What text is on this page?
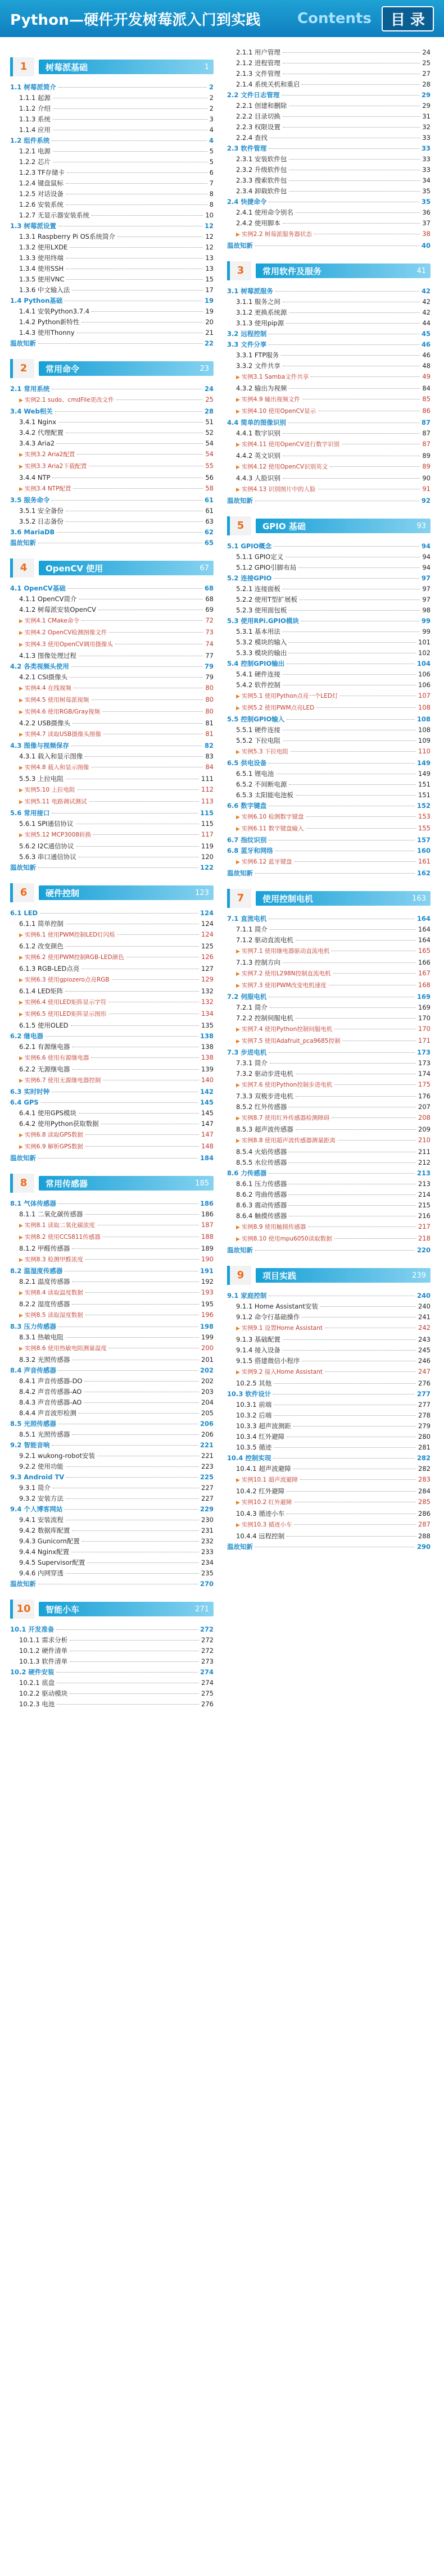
Python—硬件开发树莓派入门到实践	Contents	目 录
1 树莓派基础	1
1.1 树莓派简介	2
1.1.1 起源	2
1.1.2 介绍	2
1.1.3 系统	3
1.1.4 应用	4
1.2 组件系统	4
1.2.1 电源	5
1.2.2 芯片	5
1.2.3 TF存储卡	6
1.2.4 键盘鼠标	7
1.2.5 对话设备	8
1.2.6 安装系统	8
1.2.7 无显示器安装系统	10
1.3 树莓派设置	12
1.3.1 Raspberry Pi OS系统简介	12
1.3.2 使用LXDE	12
1.3.3 使用终端	13
1.3.4 使用SSH	13
1.3.5 使用VNC	15
1.3.6 中文输入法	17
1.4 Python基础	19
1.4.1 安装Python3.7.4	19
1.4.2 Python新特性	20
1.4.3 使用Thonny	21
温故知新	22
2 常用命令	23
2.1 常用系统	24
▶ 实例2.1 sudo、cmdFile更改文件	25
3.4 Web相关	28
3.4.1 Nginx	51
3.4.2 代理配置	52
3.4.3 Aria2	54
▶ 实例3.2 Aria2配置	54
▶ 实例3.3 Aria2下载配置	55
3.4.4 NTP	56
▶ 实例3.4 NTP配置	58
3.5 服务命令	61
3.5.1 安全备份	61
3.5.2 日志备份	63
3.6 MariaDB	62
温故知新	65
4 OpenCV 使用	67
4.1 OpenCV基础	68
4.1.1 OpenCV简介	68
4.1.2 树莓派安装OpenCV	69
▶ 实例4.1 CMake命令	72
▶ 实例4.2 OpenCV检测图像文件	73
▶ 实例4.3 使用OpenCV调用摄像头	74
4.1.3 图像处理过程	77
4.2 各类视频头使用	79
4.2.1 CSI摄像头	79
▶ 实例4.4 在线视频	80
▶ 实例4.5 使用树莓派视频	80
▶ 实例4.6 使用RGB/Gray视频	80
4.2.2 USB摄像头	81
▶ 实例4.7 读取USB摄像头图像	81
4.3 图像与视频保存	82
4.3.1 载入和显示图像	83
▶ 实例4.8 载入和显示图像	84
5.5.3 上拉电阻	111
▶ 实例5.10 上拉电阻	112
▶ 实例5.11 电路调试测试	113
5.6 常用接口	115
5.6.1 SPI通信协议	115
▶ 实例5.12 MCP3008转换	117
5.6.2 I2C通信协议	119
5.6.3 串口通信协议	120
温故知新	122
6 硬件控制	123
6.1 LED	124
6.1.1 简单控制	124
▶ 实例6.1 使用PWM控制LED灯闪烁	124
6.1.2 改变颜色	125
▶ 实例6.2 使用PWM控制RGB-LED颜色	126
6.1.3 RGB-LED点亮	127
▶ 实例6.3 使用gpiozero点亮RGB	129
6.1.4 LED矩阵	132
▶ 实例6.4 使用LED矩阵显示字符	132
▶ 实例6.5 使用LED矩阵显示图形	134
6.1.5 使用OLED	135
6.2 继电器	138
6.2.1 有源继电器	138
▶ 实例6.6 使用有源继电器	138
6.2.2 无源继电器	139
▶ 实例6.7 使用无源继电器控制	140
6.3 实时时钟	142
6.4 GPS	145
6.4.1 使用GPS模块	145
6.4.2 使用Python获取数据	147
▶ 实例6.8 读取GPS数据	147
▶ 实例6.9 解析GPS数据	148
温故知新	184
8 常用传感器	185
8.1 气体传感器	186
8.1.1 二氧化碳传感器	186
▶ 实例8.1 读取二氧化碳浓度	187
▶ 实例8.2 使用CCS811传感器	188
8.1.2 甲醛传感器	189
▶ 实例8.3 检测甲醛浓度	190
8.2 温湿度传感器	191
8.2.1 温度传感器	192
▶ 实例8.4 读取温度数据	193
8.2.2 湿度传感器	195
▶ 实例8.5 读取湿度数据	196
8.3 压力传感器	198
8.3.1 热敏电阻	199
▶ 实例8.6 使用热敏电阻测量温度	200
8.3.2 光照传感器	201
8.4 声音传感器	202
8.4.1 声音传感器-DO	202
8.4.2 声音传感器-AO	203
8.4.3 声音传感器-AO	204
8.4.4 声音波形检测	205
8.5 光照传感器	206
8.5.1 光照传感器	206
9.2 智能音响	221
9.2.1 wukong-robot安装	221
9.2.2 使用功能	223
9.3 Android TV	225
9.3.1 简介	227
9.3.2 安装方法	227
9.4 个人博客网站	229
9.4.1 安装流程	230
9.4.2 数据库配置	231
9.4.3 Gunicorn配置	232
9.4.4 Nginx配置	233
9.4.5 Supervisor配置	234
9.4.6 内网穿透	235
温故知新	270
10 智能小车	271
10.1 开发准备	272
10.1.1 需求分析	272
10.1.2 硬件清单	272
10.1.3 软件清单	273
10.2 硬件安装	274
10.2.1 底盘	274
10.2.2 驱动模块	275
10.2.3 电池	276
2.1.1 用户管理	24
2.1.2 进程管理	25
2.1.3 文件管理	27
2.1.4 系统关机和重启	28
2.2 文件日志管理	29
2.2.1 创建和删除	29
2.2.2 目录切换	31
2.2.3 权限设置	32
2.2.4 查找	33
2.3 软件管理	33
2.3.1 安装软件包	33
2.3.2 升级软件包	33
2.3.3 搜索软件包	34
2.3.4 卸载软件包	35
2.4 快捷命令	35
2.4.1 使用命令别名	36
2.4.2 使用脚本	37
▶ 实例2.2 树莓派服务器状态	38
温故知新	40
3 常用软件及服务	41
3.1 树莓派服务	42
3.1.1 服务之间	42
3.1.2 更换系统源	42
3.1.3 使用pip源	44
3.2 远程控制	45
3.3 文件分享	46
3.3.1 FTP服务	46
3.3.2 文件共享	48
▶ 实例3.1 Samba文件共享	49
4.3.2 输出为视频	84
▶ 实例4.9 输出视频文件	85
▶ 实例4.10 使用OpenCV显示	86
4.4 简单的图像识别	87
4.4.1 数字识别	87
▶ 实例4.11 使用OpenCV进行数字识别	87
4.4.2 英文识别	89
▶ 实例4.12 使用OpenCV识别英文	89
4.4.3 人脸识别	90
▶ 实例4.13 识别图片中的人脸	91
温故知新	92
5 GPIO 基础	93
5.1 GPIO概念	94
5.1.1 GPIO定义	94
5.1.2 GPIO引脚布局	94
5.2 连接GPIO	97
5.2.1 连接面板	97
5.2.2 使用T型扩展板	97
5.2.3 使用面包板	98
5.3 使用RPi.GPIO模块	99
5.3.1 基本用法	99
5.3.2 模块的输入	101
5.3.3 模块的输出	102
5.4 控制GPIO输出	104
5.4.1 硬件连接	106
5.4.2 软件控制	106
▶ 实例5.1 使用Python点亮一个LED灯	107
▶ 实例5.2 使用PWM点亮LED	108
5.5 控制GPIO输入	108
5.5.1 硬件连接	108
5.5.2 下拉电阻	109
▶ 实例5.3 下拉电阻	110
6.5 供电设备	149
6.5.1 锂电池	149
6.5.2 不间断电源	151
6.5.3 太阳能电池板	151
6.6 数字键盘	152
▶ 实例6.10 检测数字键盘	153
▶ 实例6.11 数字键盘输入	155
6.7 指纹识别	157
6.8 蓝牙和网络	160
▶ 实例6.12 蓝牙键盘	161
温故知新	162
7 使用控制电机	163
7.1 直流电机	164
7.1.1 简介	164
7.1.2 驱动直流电机	164
▶ 实例7.1 使用继电器驱动直流电机	165
7.1.3 控制方向	166
▶ 实例7.2 使用L298N控制直流电机	167
▶ 实例7.3 使用PWM改变电机速度	168
7.2 伺服电机	169
7.2.1 简介	169
7.2.2 控制伺服电机	170
▶ 实例7.4 使用Python控制伺服电机	170
▶ 实例7.5 使用Adafruit_pca9685控制	171
7.3 步进电机	173
7.3.1 简介	173
7.3.2 驱动步进电机	174
▶ 实例7.6 使用Python控制步进电机	175
7.3.3 双极步进电机	176
8.5.2 红外传感器	207
▶ 实例8.7 使用红外传感器检测障碍	208
8.5.3 超声波传感器	209
▶ 实例8.8 使用超声波传感器测量距离	210
8.5.4 火焰传感器	211
8.5.5 水位传感器	212
8.6 力传感器	213
8.6.1 压力传感器	213
8.6.2 弯曲传感器	214
8.6.3 震动传感器	215
8.6.4 触摸传感器	216
▶ 实例8.9 使用触摸传感器	217
▶ 实例8.10 使用mpu6050读取数据	218
温故知新	220
9 项目实践	239
9.1 家庭控制	240
9.1.1 Home Assistant安装	240
9.1.2 命令行基础操作	241
▶ 实例9.1 设置Home Assistant	242
9.1.3 基础配置	243
9.1.4 接入设备	245
9.1.5 搭建微信小程序	246
▶ 实例9.2 接入Home Assistant	247
10.2.5 其他	276
10.3 软件设计	277
10.3.1 前端	277
10.3.2 后端	278
10.3.3 超声波测距	279
10.3.4 红外避障	280
10.3.5 循迹	281
10.4 控制实现	282
10.4.1 超声波避障	282
▶ 实例10.1 超声波避障	283
10.4.2 红外避障	284
▶ 实例10.2 红外避障	285
10.4.3 循迹小车	286
▶ 实例10.3 循迹小车	287
10.4.4 远程控制	288
温故知新	290
